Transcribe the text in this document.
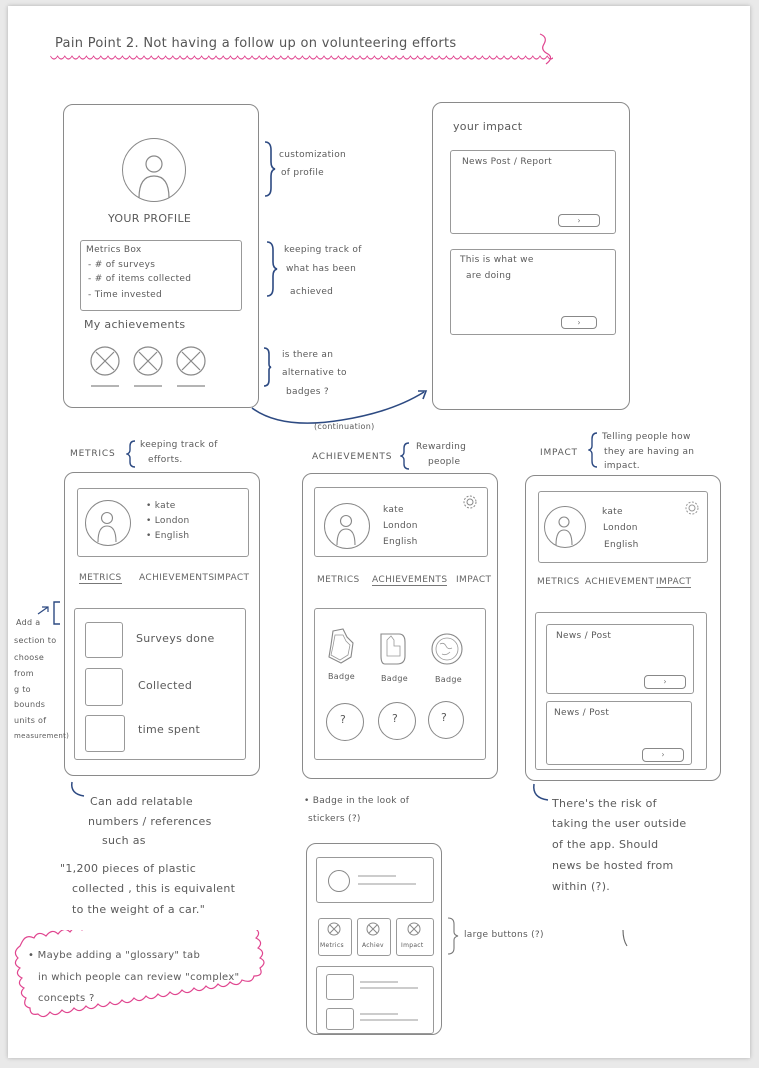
Pain Point 2. Not having a follow up on volunteering efforts
YOUR PROFILE
Metrics Box
- # of surveys
- # of items collected
- Time invested
My achievements
customization
of profile
keeping track of
what has been
achieved
is there an
alternative to
badges ?
(continuation)
your impact
News Post / Report
›
This is what we
are doing
›
METRICS
keeping track of
efforts.
• kate
• London
• English
METRICS ACHIEVEMENTS IMPACT
Surveys done
Collected
time spent
Add a
section to
choose
from
g to
bounds
units of
measurement)
Can add relatable
numbers / references
such as
"1,200 pieces of plastic
collected , this is equivalent
to the weight of a car."
ACHIEVEMENTS
Rewarding
people
kate
London
English
METRICS ACHIEVEMENTS IMPACT
Badge	Badge	Badge
?	?	?
• Badge in the look of
stickers (?)
Metrics	Achiev	Impact
large buttons (?)
IMPACT
Telling people how
they are having an
impact.
kate
London
English
METRICS ACHIEVEMENT IMPACT
News / Post
›
News / Post
›
There's the risk of
taking the user outside
of the app. Should
news be hosted from
within (?).
• Maybe adding a "glossary" tab
in which people can review "complex"
concepts ?
